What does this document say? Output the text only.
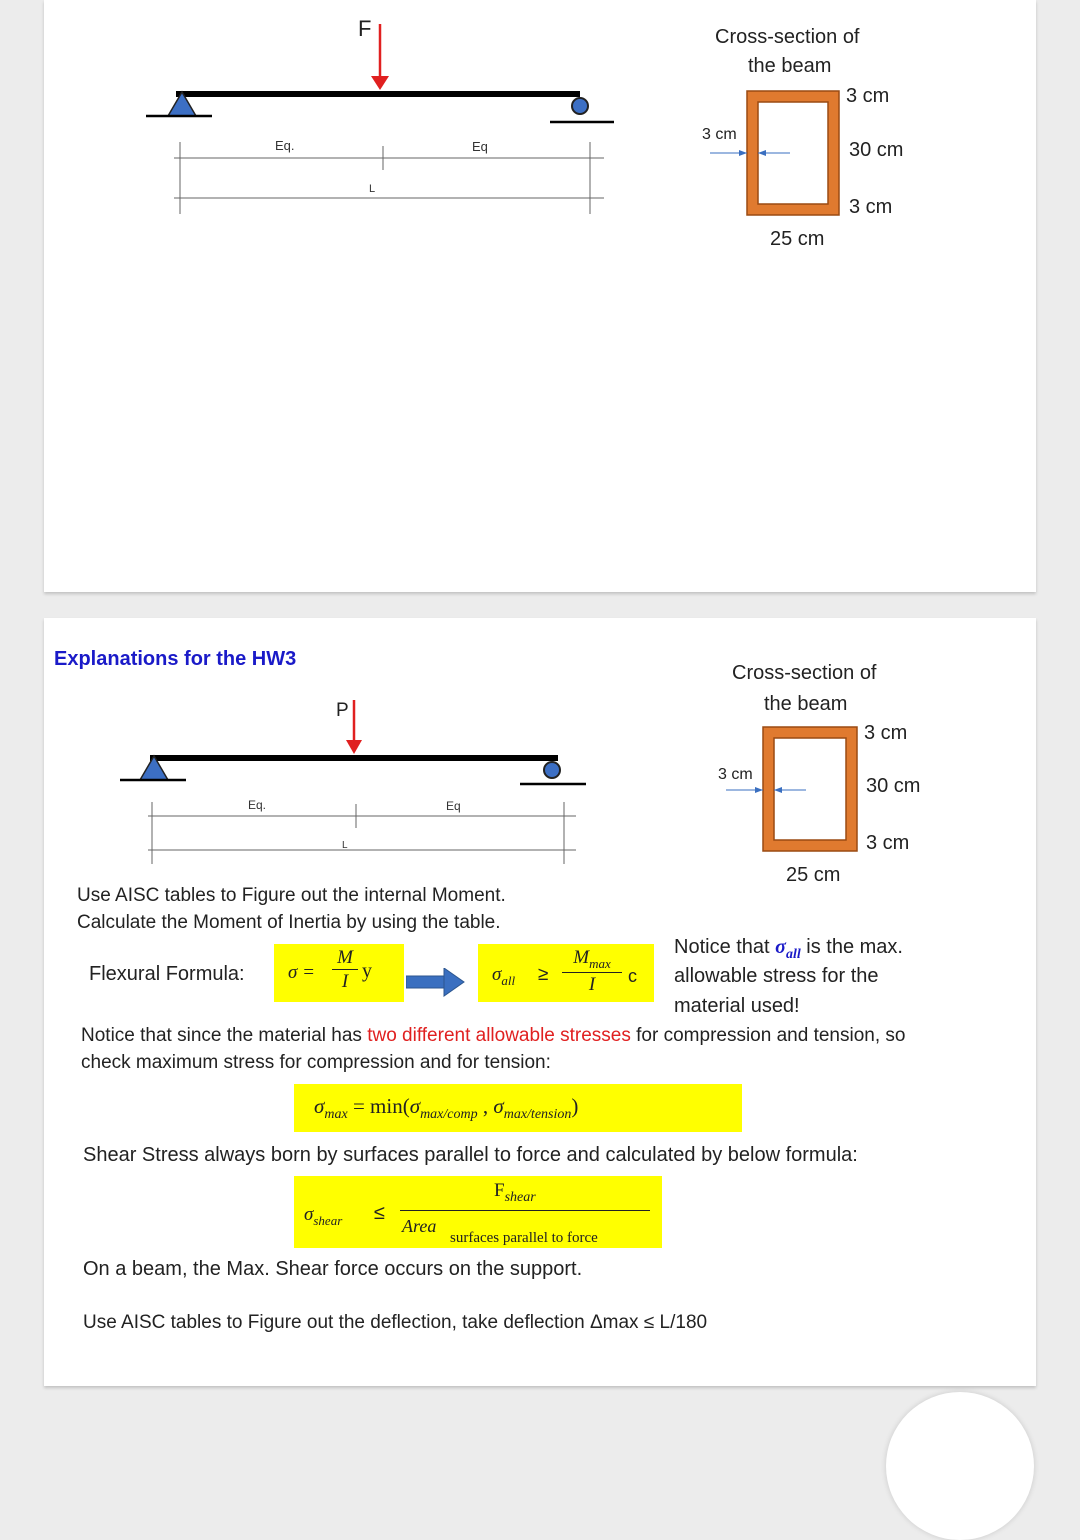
F
Eq.	Eq
L
Cross-section of
the beam
3 cm
3 cm
30 cm
3 cm
25 cm
Explanations for the HW3
P
Eq.	Eq
L
Cross-section of
the beam
3 cm
3 cm
30 cm
3 cm
25 cm
Use AISC tables to Figure out the internal Moment.
Calculate the Moment of Inertia by using the table.
Flexural Formula: σ =
M
I y	$\sigma_{all}$ ≥
$M_{max}$
I c
Notice that $\sigma_{all}$ is the max.
allowable stress for the
material used!
Notice that since the material has two different allowable stresses for compression and tension, so
check maximum stress for compression and for tension:
$\sigma_{max} = \min(\sigma_{max/comp}$ , $\sigma_{max/tension}$)
Shear Stress always born by surfaces parallel to force and calculated by below formula:
$\sigma_{shear}$ ≤
$F_{shear}$
Area
surfaces parallel to force
On a beam, the Max. Shear force occurs on the support.
Use AISC tables to Figure out the deflection, take deflection Δmax ≤ L/180
